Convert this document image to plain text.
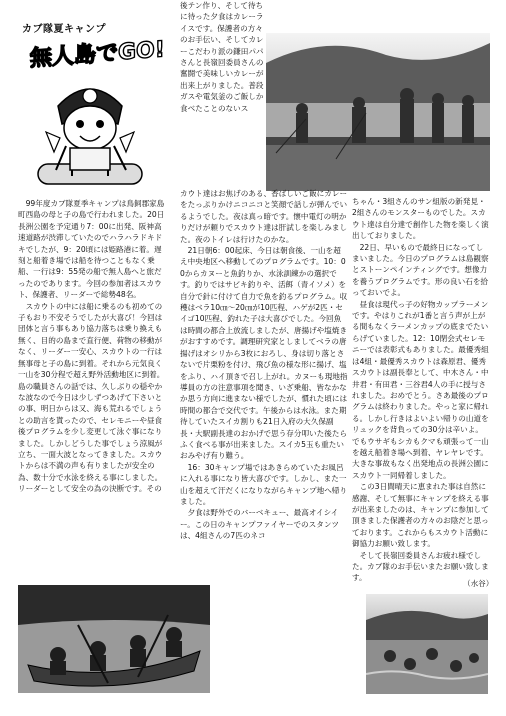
カブ隊夏キャンプ
無人島でGO!
　99年度カブ隊夏季キャンプは鳥飼郡家島町西島の母と子の島で行われました。20日長洲公園を予定通り7：00に出発、阪神高速道路が渋滞していたのでハラハラドキドキでしたが、9：20頃には姫路港に着。遅刻と船着き場では船を待つこともなく乗船、一行は9：55発の船で無人島へと旅だったのであります。今回の参加者はスカウト、保護者、リーダーで総勢48名。
　スカウトの中には船に乗るのも初めての子もおり不安そうでしたが大喜び！今回は団体と言う事もあり協力落ちは乗り換えも無く、目的の島まで直行便、荷物の移動がなく、リーダー一安心、スカウトの一行は無事母と子の島に到着。それから元気良く一山を30分程で超え野外活動地区に到着。島の職員さんの話では、久しぶりの穏やかな波なので今日は少しずつあげて下さいとの事、明日からは又、海も荒れるでしょうとの助言を貰ったので、セレモニーや昼食後プログラムを少し変更して泳ぐ事になりました。しかしどうした事でしょう涼風が立ち、一面大波となってきました。スカウトからは不満の声も有りましたが安全の為、数十分で水泳を終える事にしました。リーダーとして安全の為の決断です。その
後テン作り、そして待ちに待った夕食はカレーライスです。保護者の方々のお手伝い、そしてカレーこだわり派の鎌田パパさんと長嶺回委員さんの奮闘で美味しいカレーが出来上がりました。普段ガスや電気釜のご飯しか食べたことのないス
カウト達はお焦げのある、香ばしいご飯にカレーをたっぷりかけニコニコと笑顔で話しが弾んでいるようでした。夜は真っ暗です。懐中電灯の明かりだけが頼りでスカウト達は肝試しを楽しみました。夜のトイレは行けたのかな。
　21日朝6：00起床、今日は朝食後、一山を超え中央地区へ移動してのプログラムです。10：00からカヌーと魚釣りか、水泳訓練かの選択です。釣りではサビキ釣りや、活餌（青イソメ）を自分で針に付けて自力で魚を釣るプログラム。収穫はベラ10㎝～20㎝が10匹程、ハゲが2匹・セイゴ10匹程、釣れた子は大喜びでした。今回魚は時間の都合上放流しましたが、唐揚げや塩焼きがおすすめです。調理研究家としましてベラの唐揚げはオシリから3枚におろし、身は切り落とさないで片栗粉を付け、飛び魚の様な形に揚げ、塩をふり、ハイ頂きで召し上がれ。カヌーも現地指導員の方の注意事項を聞き、いざ乗船、皆なかなか思う方向に進まない様でしたが、慣れた頃には時間の都合で交代です。午後からは水泳。また期待していたスイカ割りも21日入府の大久保副長・大駅副長達のおかげで思う存分叩いた後たらふく食べる事が出来ました。スイカ5玉も重たいおみやげ有り難う。
　16：30キャンプ場ではあきらめていたお風呂に入れる事になり皆大喜びです。しかし、また一山を超えて汗だくになりながらキャンプ地へ帰りました。
　夕食は野外でのバーベキュー、最高オイシイー。この日のキャンプファイヤーでのスタンツは、4組さんの7匹のネコ
ちゃん・3組さんのサン組版の新発見・2組さんのモンスターものでした。スカウト達は自分達で創作した物を楽しく演出しておりました。
　22日、早いもので最終日になってしまいました。今日のプログラムは島観察とストーンペインティングです。想像力を養うプログラムです。形の良い石を拾っておいでよ。
　昼食は現代っ子の好物カップラーメンです。やはりこれが1番と言う声が上がる間もなくラーメンカップの底までたいらげていました。12：10閉会式セレモニーでは表彰式もありました。最優秀組は4組・最優秀スカウトは森原君、優秀スカウトは副長奉として、中木さん・中井君・有田君・三谷君4人の手に授与されました。おめでとう。さあ最後のプログラムは終わりました。やっと家に帰れる。しかし行きはよいよい帰りの山道をリュックを背負っての30分は辛いよ。でもウサギもシカもクマも頑張って一山を越え船着き場へ到着、ヤレヤレです。大きな事故もなく出発地点の長洲公園にスカウト一同帰着しました。
　この3日間晴天に恵まれた事は自然に感謝、そして無事にキャンプを終える事が出来ましたのは、キャンプに参加して頂きました保護者の方々のお陰だと思っております。これからもスカウト活動に御協力お願い致します。
　そして長嶺回委員さんお疲れ様でした。カブ隊のお手伝いまたお願い致します。
（水谷）
